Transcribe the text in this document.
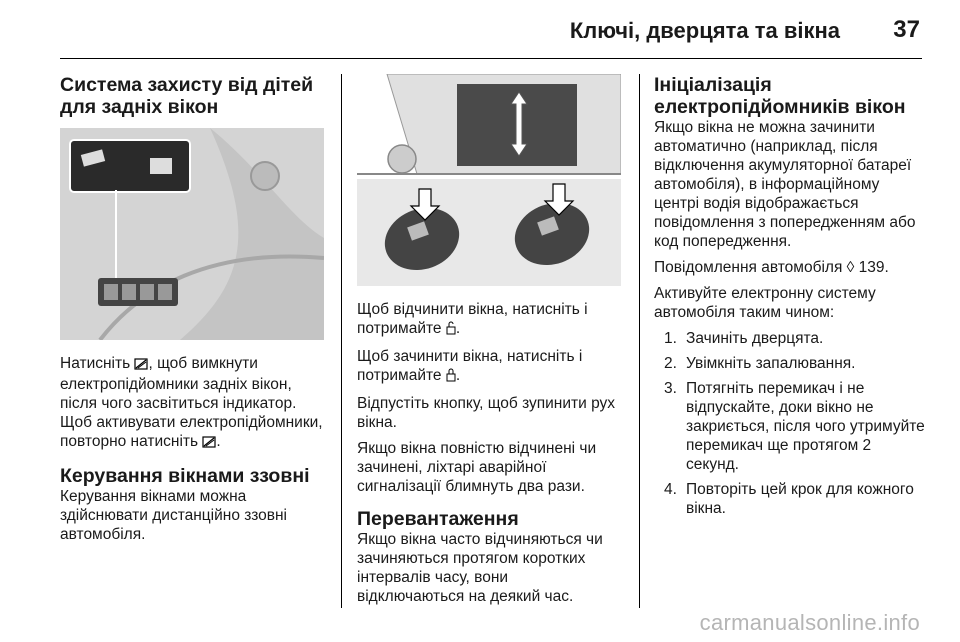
Ключі, дверцята та вікна 37
Система захисту від дітей для задніх вікон

Натисніть , щоб вимкнути електропідйомники задніх вікон, після чого засвітиться індикатор. Щоб активувати електропідйомники, повторно натисніть .

Керування вікнами ззовні

Керування вікнами можна здійснювати дистанційно ззовні автомобіля.

Щоб відчинити вікна, натисніть і потримайте .

Щоб зачинити вікна, натисніть і потримайте .

Відпустіть кнопку, щоб зупинити рух вікна.

Якщо вікна повністю відчинені чи зачинені, ліхтарі аварійної сигналізації блимнуть два рази.

Перевантаження

Якщо вікна часто відчиняються чи зачиняються протягом коротких інтервалів часу, вони відключаються на деякий час.

Ініціалізація електропідйомників вікон

Якщо вікна не можна зачинити автоматично (наприклад, після відключення акумуляторної батареї автомобіля), в інформаційному центрі водія відображається повідомлення з попередженням або код попередження.

Повідомлення автомобіля ◊ 139.

Активуйте електронну систему автомобіля таким чином:

1. Зачиніть дверцята.
2. Увімкніть запалювання.
3. Потягніть перемикач і не відпускайте, доки вікно не закриється, після чого утримуйте перемикач ще протягом 2 секунд.
4. Повторіть цей крок для кожного вікна.
carmanualsonline.info
